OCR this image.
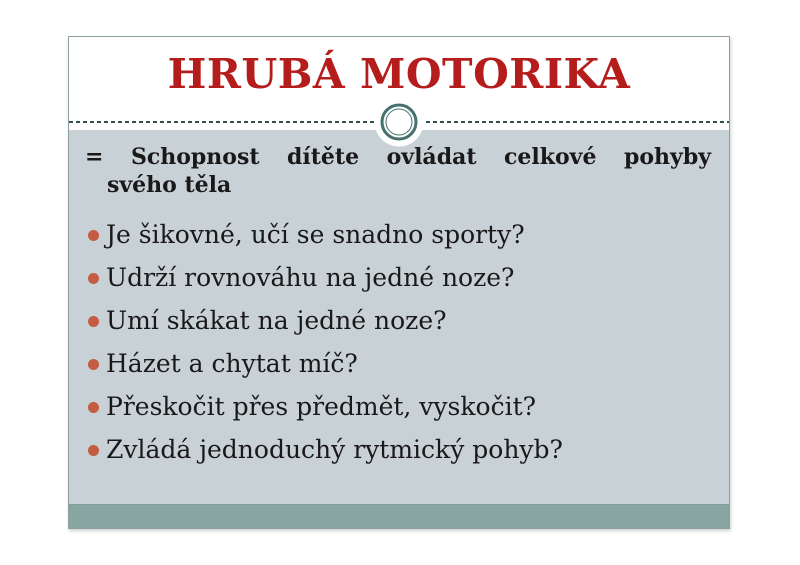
HRUBÁ MOTORIKA
= Schopnost dítěte ovládat celkové pohyby
svého těla
Je šikovné, učí se snadno sporty?
Udrží rovnováhu na jedné noze?
Umí skákat na jedné noze?
Házet a chytat míč?
Přeskočit přes předmět, vyskočit?
Zvládá jednoduchý rytmický pohyb?
